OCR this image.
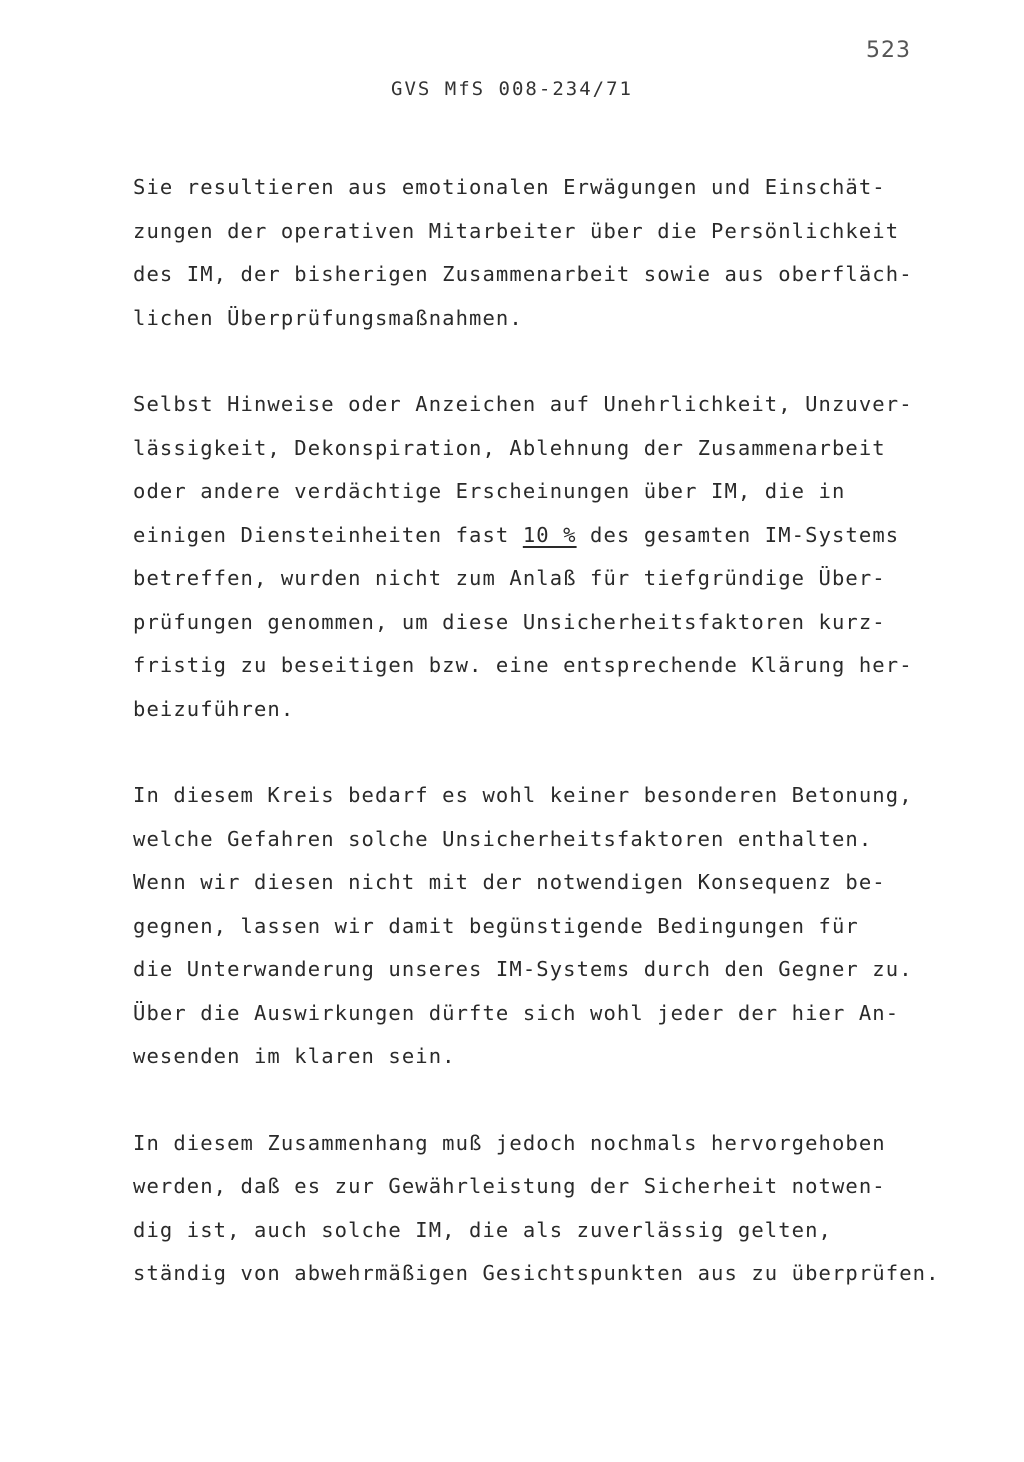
523
GVS MfS 008-234/71

Sie resultieren aus emotionalen Erwägungen und Einschät-
zungen der operativen Mitarbeiter über die Persönlichkeit
des IM, der bisherigen Zusammenarbeit sowie aus oberfläch-
lichen Überprüfungsmaßnahmen.

Selbst Hinweise oder Anzeichen auf Unehrlichkeit, Unzuver-
lässigkeit, Dekonspiration, Ablehnung der Zusammenarbeit
oder andere verdächtige Erscheinungen über IM, die in
einigen Diensteinheiten fast 10 % des gesamten IM-Systems
betreffen, wurden nicht zum Anlaß für tiefgründige Über-
prüfungen genommen, um diese Unsicherheitsfaktoren kurz-
fristig zu beseitigen bzw. eine entsprechende Klärung her-
beizuführen.

In diesem Kreis bedarf es wohl keiner besonderen Betonung,
welche Gefahren solche Unsicherheitsfaktoren enthalten.
Wenn wir diesen nicht mit der notwendigen Konsequenz be-
gegnen, lassen wir damit begünstigende Bedingungen für
die Unterwanderung unseres IM-Systems durch den Gegner zu.
Über die Auswirkungen dürfte sich wohl jeder der hier An-
wesenden im klaren sein.

In diesem Zusammenhang muß jedoch nochmals hervorgehoben
werden, daß es zur Gewährleistung der Sicherheit notwen-
dig ist, auch solche IM, die als zuverlässig gelten,
ständig von abwehrmäßigen Gesichtspunkten aus zu überprüfen.
